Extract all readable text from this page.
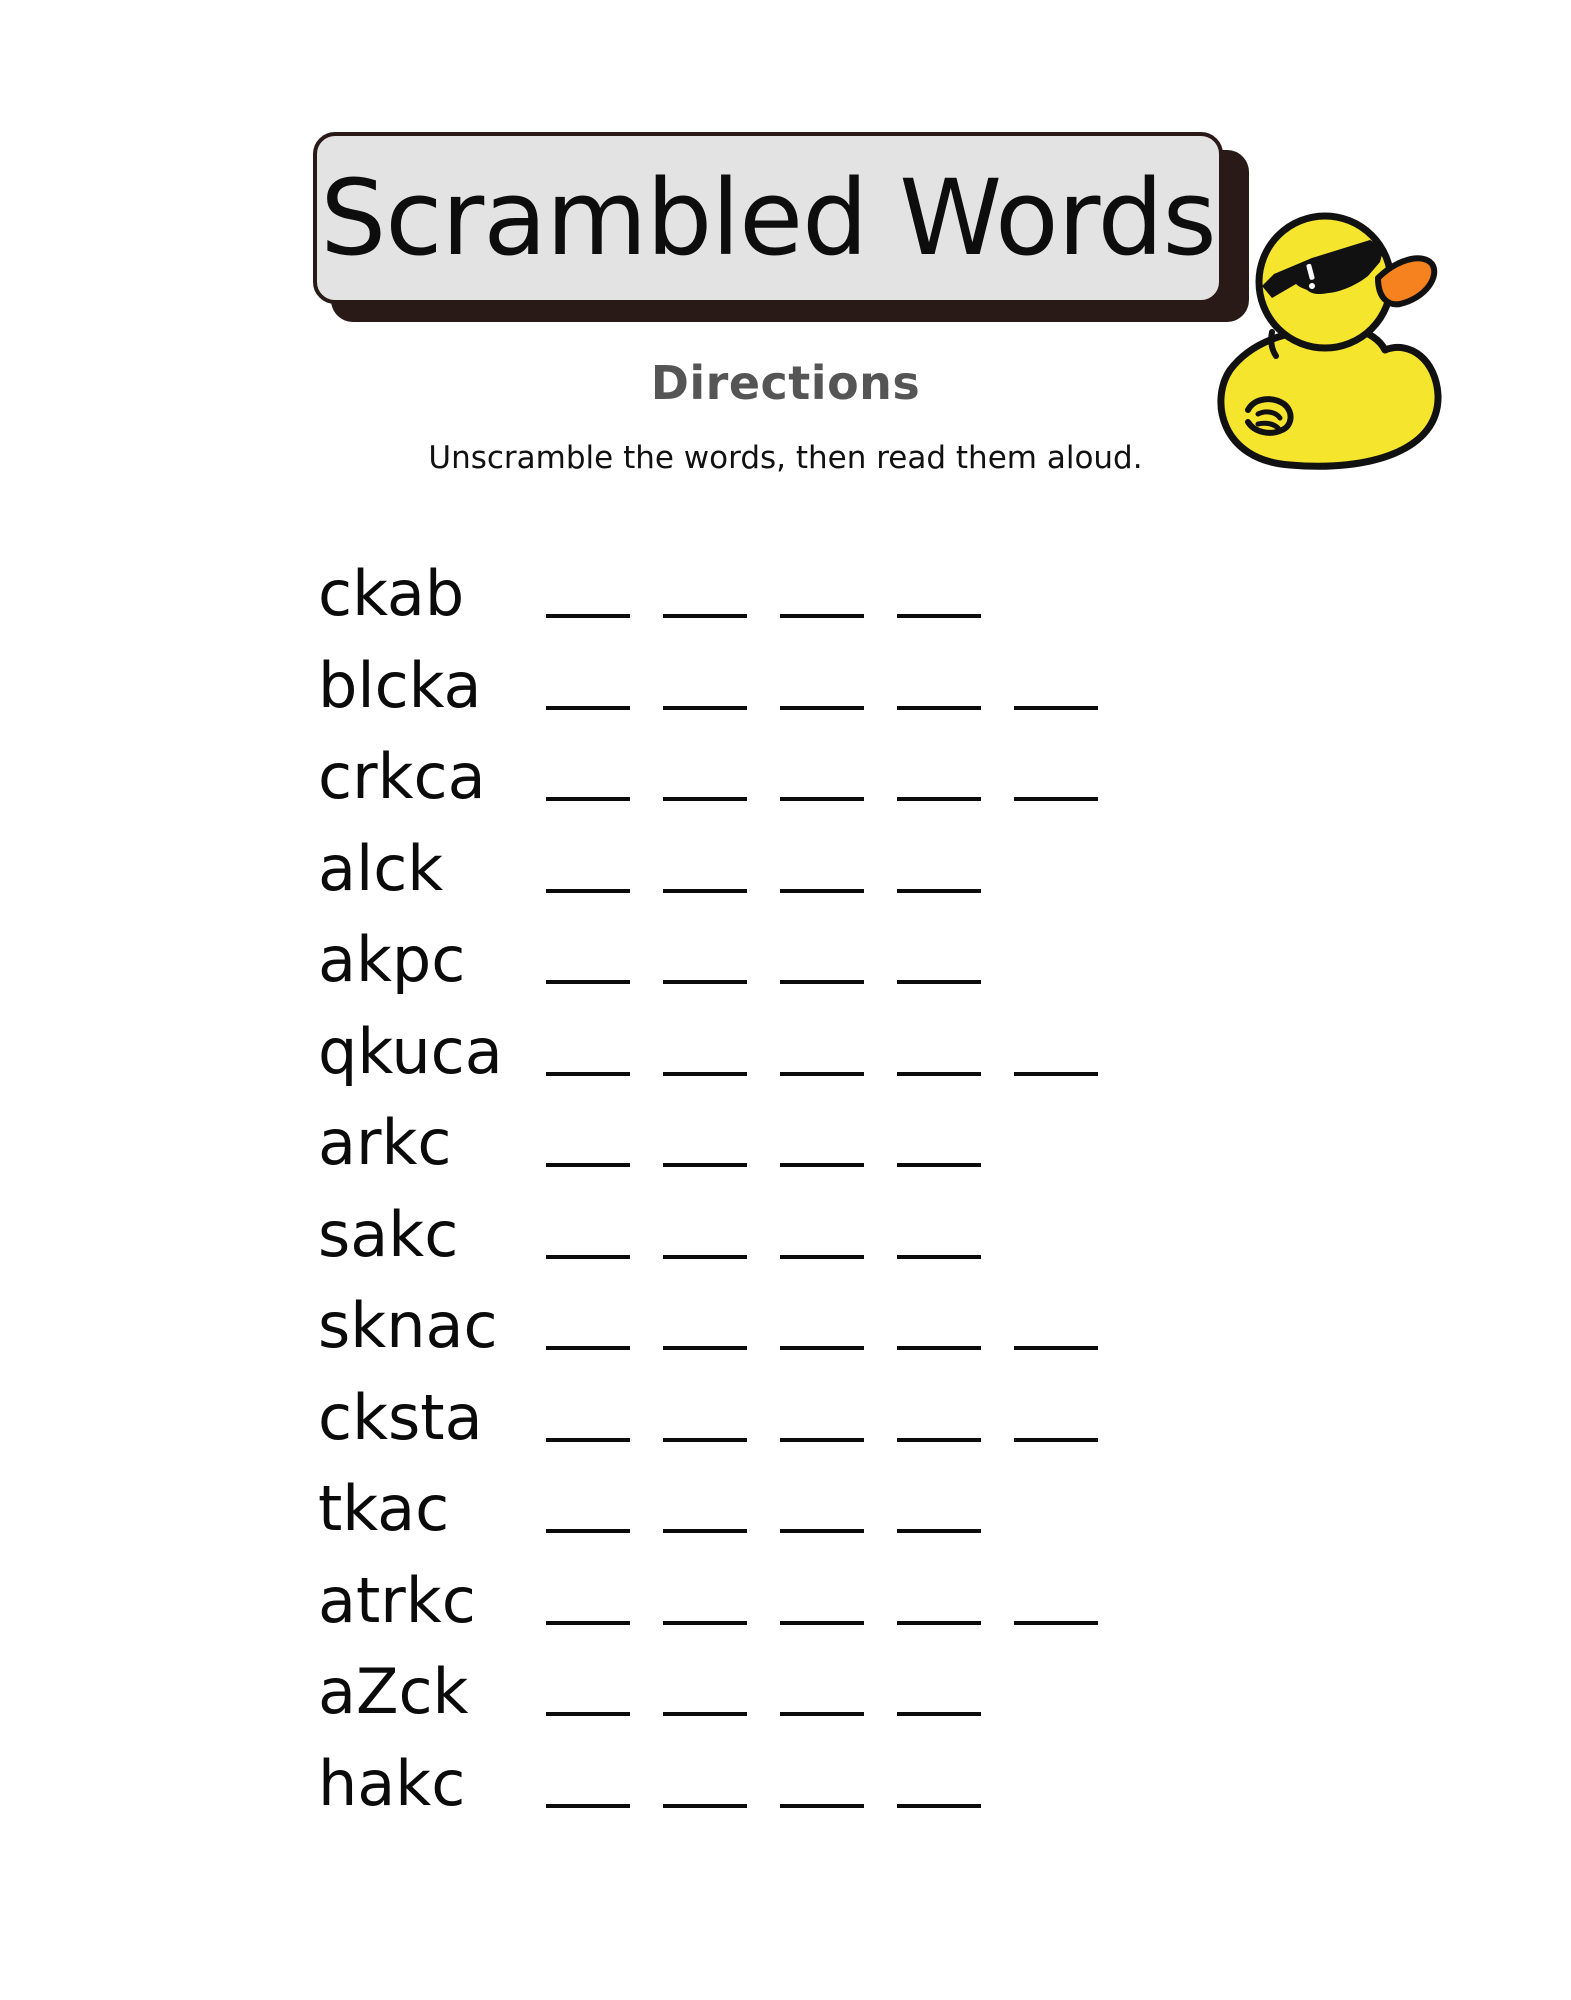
Scrambled Words
Directions

Unscramble the words, then read them aloud.

ckab
blcka
crkca
alck
akpc
qkuca
arkc
sakc
sknac
cksta
tkac
atrkc
aZck
hakc
